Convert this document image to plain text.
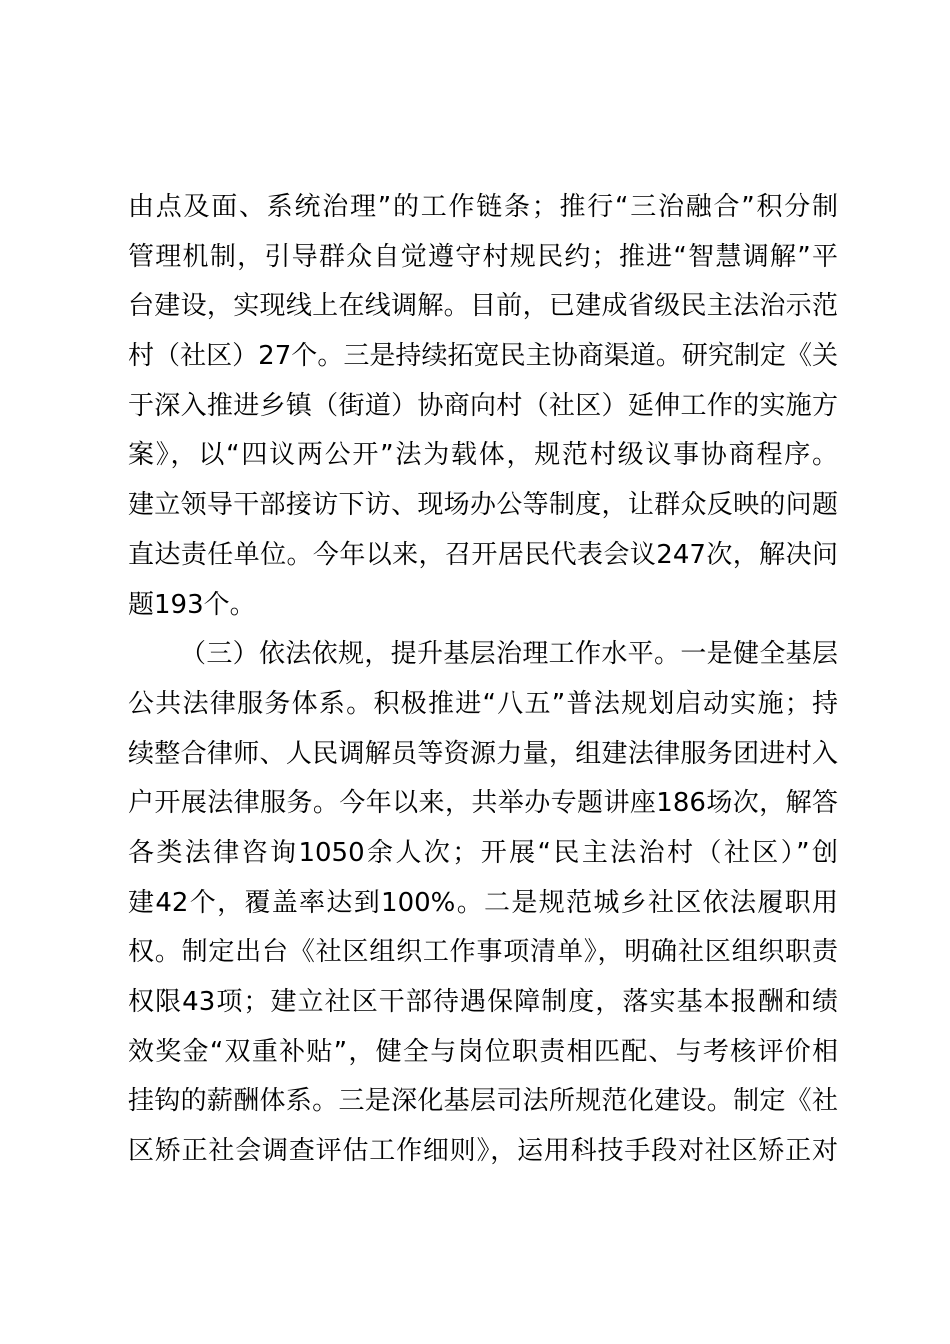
由点及面、系统治理”的工作链条；推行“三治融合”积分制
管理机制，引导群众自觉遵守村规民约；推进“智慧调解”平
台建设，实现线上在线调解。目前，已建成省级民主法治示范
村（社区）27个。三是持续拓宽民主协商渠道。研究制定《关
于深入推进乡镇（街道）协商向村（社区）延伸工作的实施方
案》，以“四议两公开”法为载体，规范村级议事协商程序。
建立领导干部接访下访、现场办公等制度，让群众反映的问题
直达责任单位。今年以来，召开居民代表会议247次，解决问
题193个。
（三）依法依规，提升基层治理工作水平。一是健全基层
公共法律服务体系。积极推进“八五”普法规划启动实施；持
续整合律师、人民调解员等资源力量，组建法律服务团进村入
户开展法律服务。今年以来，共举办专题讲座186场次，解答
各类法律咨询1050余人次；开展“民主法治村（社区）”创
建42个，覆盖率达到100%。二是规范城乡社区依法履职用
权。制定出台《社区组织工作事项清单》，明确社区组织职责
权限43项；建立社区干部待遇保障制度，落实基本报酬和绩
效奖金“双重补贴”，健全与岗位职责相匹配、与考核评价相
挂钩的薪酬体系。三是深化基层司法所规范化建设。制定《社
区矫正社会调查评估工作细则》，运用科技手段对社区矫正对
